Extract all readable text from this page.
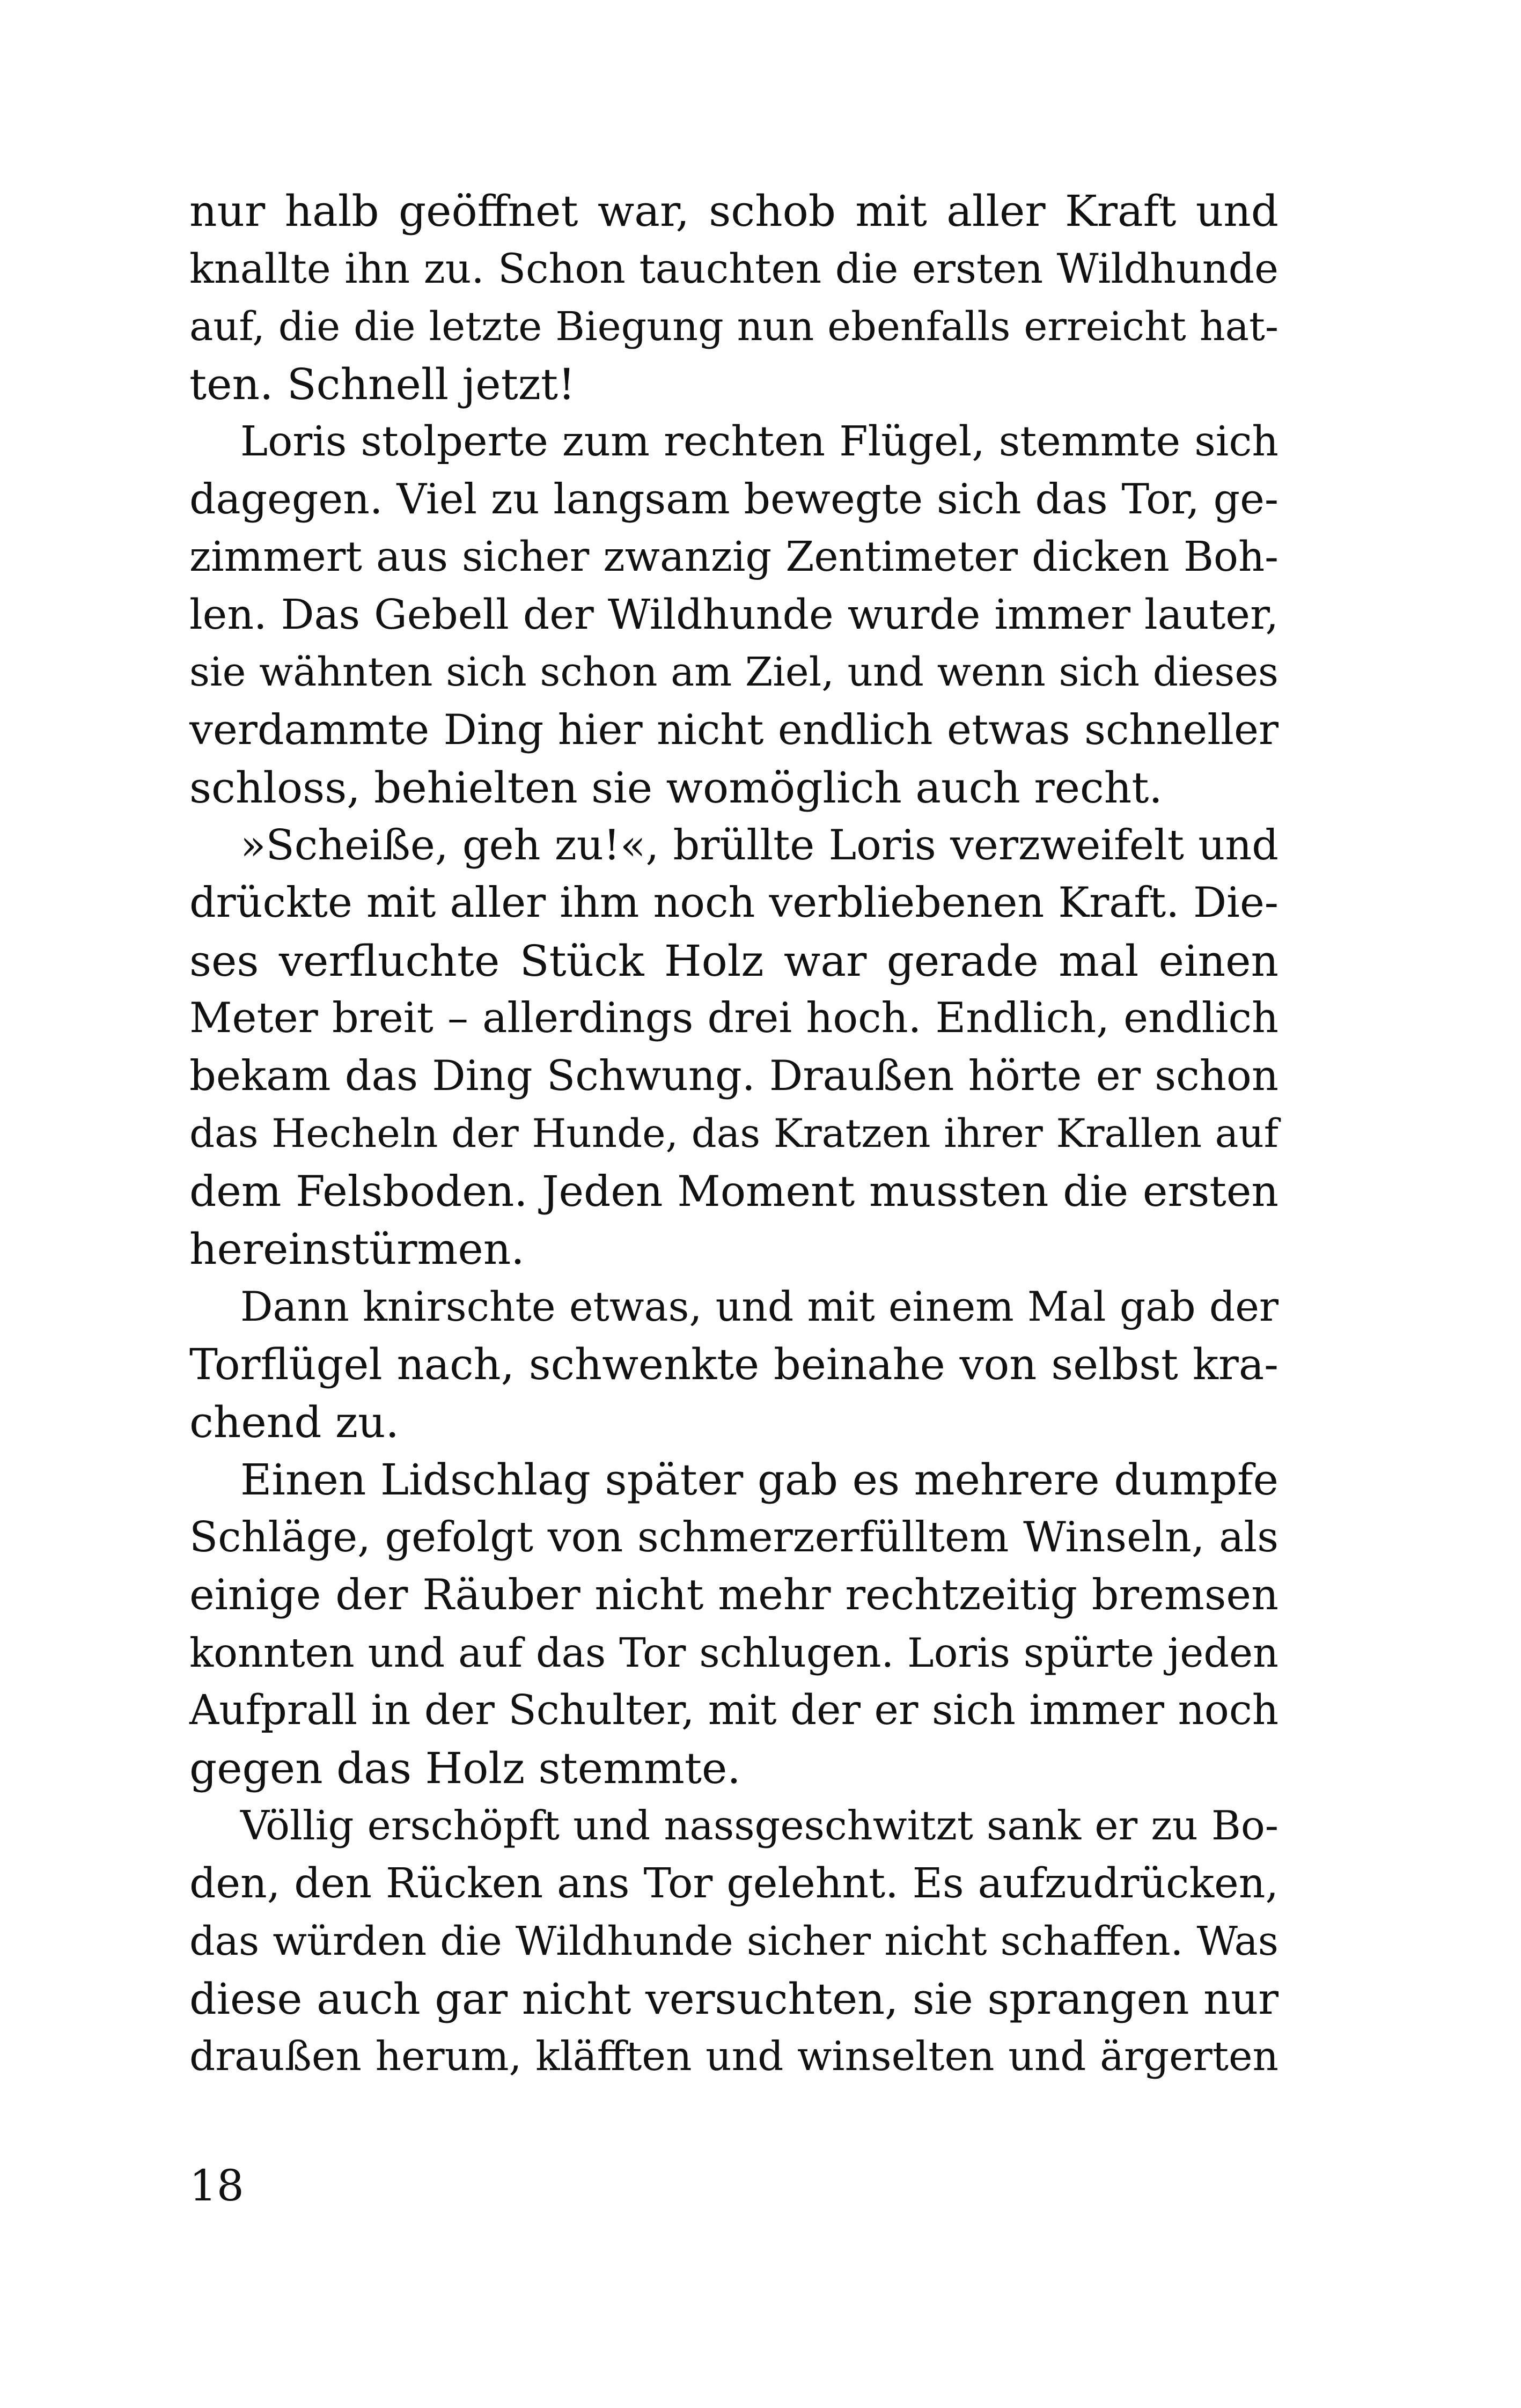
nur halb geöffnet war, schob mit aller Kraft und
knallte ihn zu. Schon tauchten die ersten Wildhunde
auf, die die letzte Biegung nun ebenfalls erreicht hat-
ten. Schnell jetzt!
Loris stolperte zum rechten Flügel, stemmte sich
dagegen. Viel zu langsam bewegte sich das Tor, ge-
zimmert aus sicher zwanzig Zentimeter dicken Boh-
len. Das Gebell der Wildhunde wurde immer lauter,
sie wähnten sich schon am Ziel, und wenn sich dieses
verdammte Ding hier nicht endlich etwas schneller
schloss, behielten sie womöglich auch recht.
»Scheiße, geh zu!«, brüllte Loris verzweifelt und
drückte mit aller ihm noch verbliebenen Kraft. Die-
ses verfluchte Stück Holz war gerade mal einen
Meter breit – allerdings drei hoch. Endlich, endlich
bekam das Ding Schwung. Draußen hörte er schon
das Hecheln der Hunde, das Kratzen ihrer Krallen auf
dem Felsboden. Jeden Moment mussten die ersten
hereinstürmen.
Dann knirschte etwas, und mit einem Mal gab der
Torflügel nach, schwenkte beinahe von selbst kra-
chend zu.
Einen Lidschlag später gab es mehrere dumpfe
Schläge, gefolgt von schmerzerfülltem Winseln, als
einige der Räuber nicht mehr rechtzeitig bremsen
konnten und auf das Tor schlugen. Loris spürte jeden
Aufprall in der Schulter, mit der er sich immer noch
gegen das Holz stemmte.
Völlig erschöpft und nassgeschwitzt sank er zu Bo-
den, den Rücken ans Tor gelehnt. Es aufzudrücken,
das würden die Wildhunde sicher nicht schaffen. Was
diese auch gar nicht versuchten, sie sprangen nur
draußen herum, kläfften und winselten und ärgerten
18
